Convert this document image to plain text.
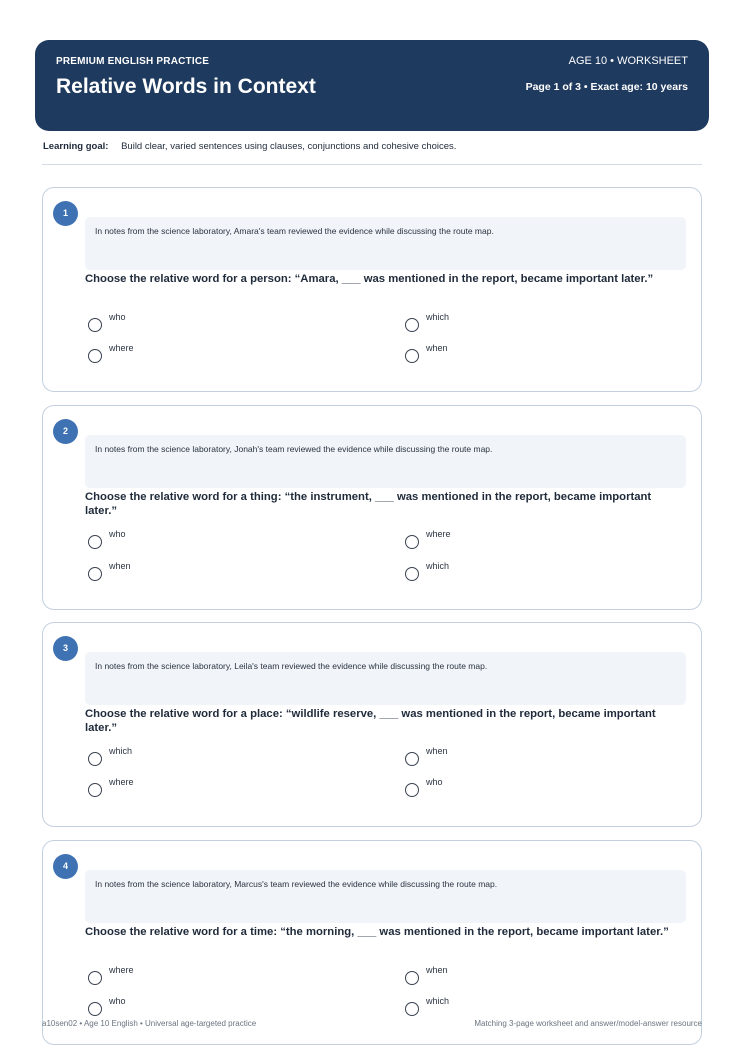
PREMIUM ENGLISH PRACTICE
Relative Words in Context
AGE 10 • WORKSHEET
Page 1 of 3 • Exact age: 10 years
Learning goal: Build clear, varied sentences using clauses, conjunctions and cohesive choices.
1
In notes from the science laboratory, Amara's team reviewed the evidence while discussing the route map.
Choose the relative word for a person: “Amara, ___ was mentioned in the report, became important later.”
who	which
where	when
2
In notes from the science laboratory, Jonah's team reviewed the evidence while discussing the route map.
Choose the relative word for a thing: “the instrument, ___ was mentioned in the report, became important later.”
who	where
when	which
3
In notes from the science laboratory, Leila's team reviewed the evidence while discussing the route map.
Choose the relative word for a place: “wildlife reserve, ___ was mentioned in the report, became important later.”
which	when
where	who
4
In notes from the science laboratory, Marcus's team reviewed the evidence while discussing the route map.
Choose the relative word for a time: “the morning, ___ was mentioned in the report, became important later.”
where	when
who	which
a10sen02 • Age 10 English • Universal age-targeted practice	Matching 3-page worksheet and answer/model-answer resource
